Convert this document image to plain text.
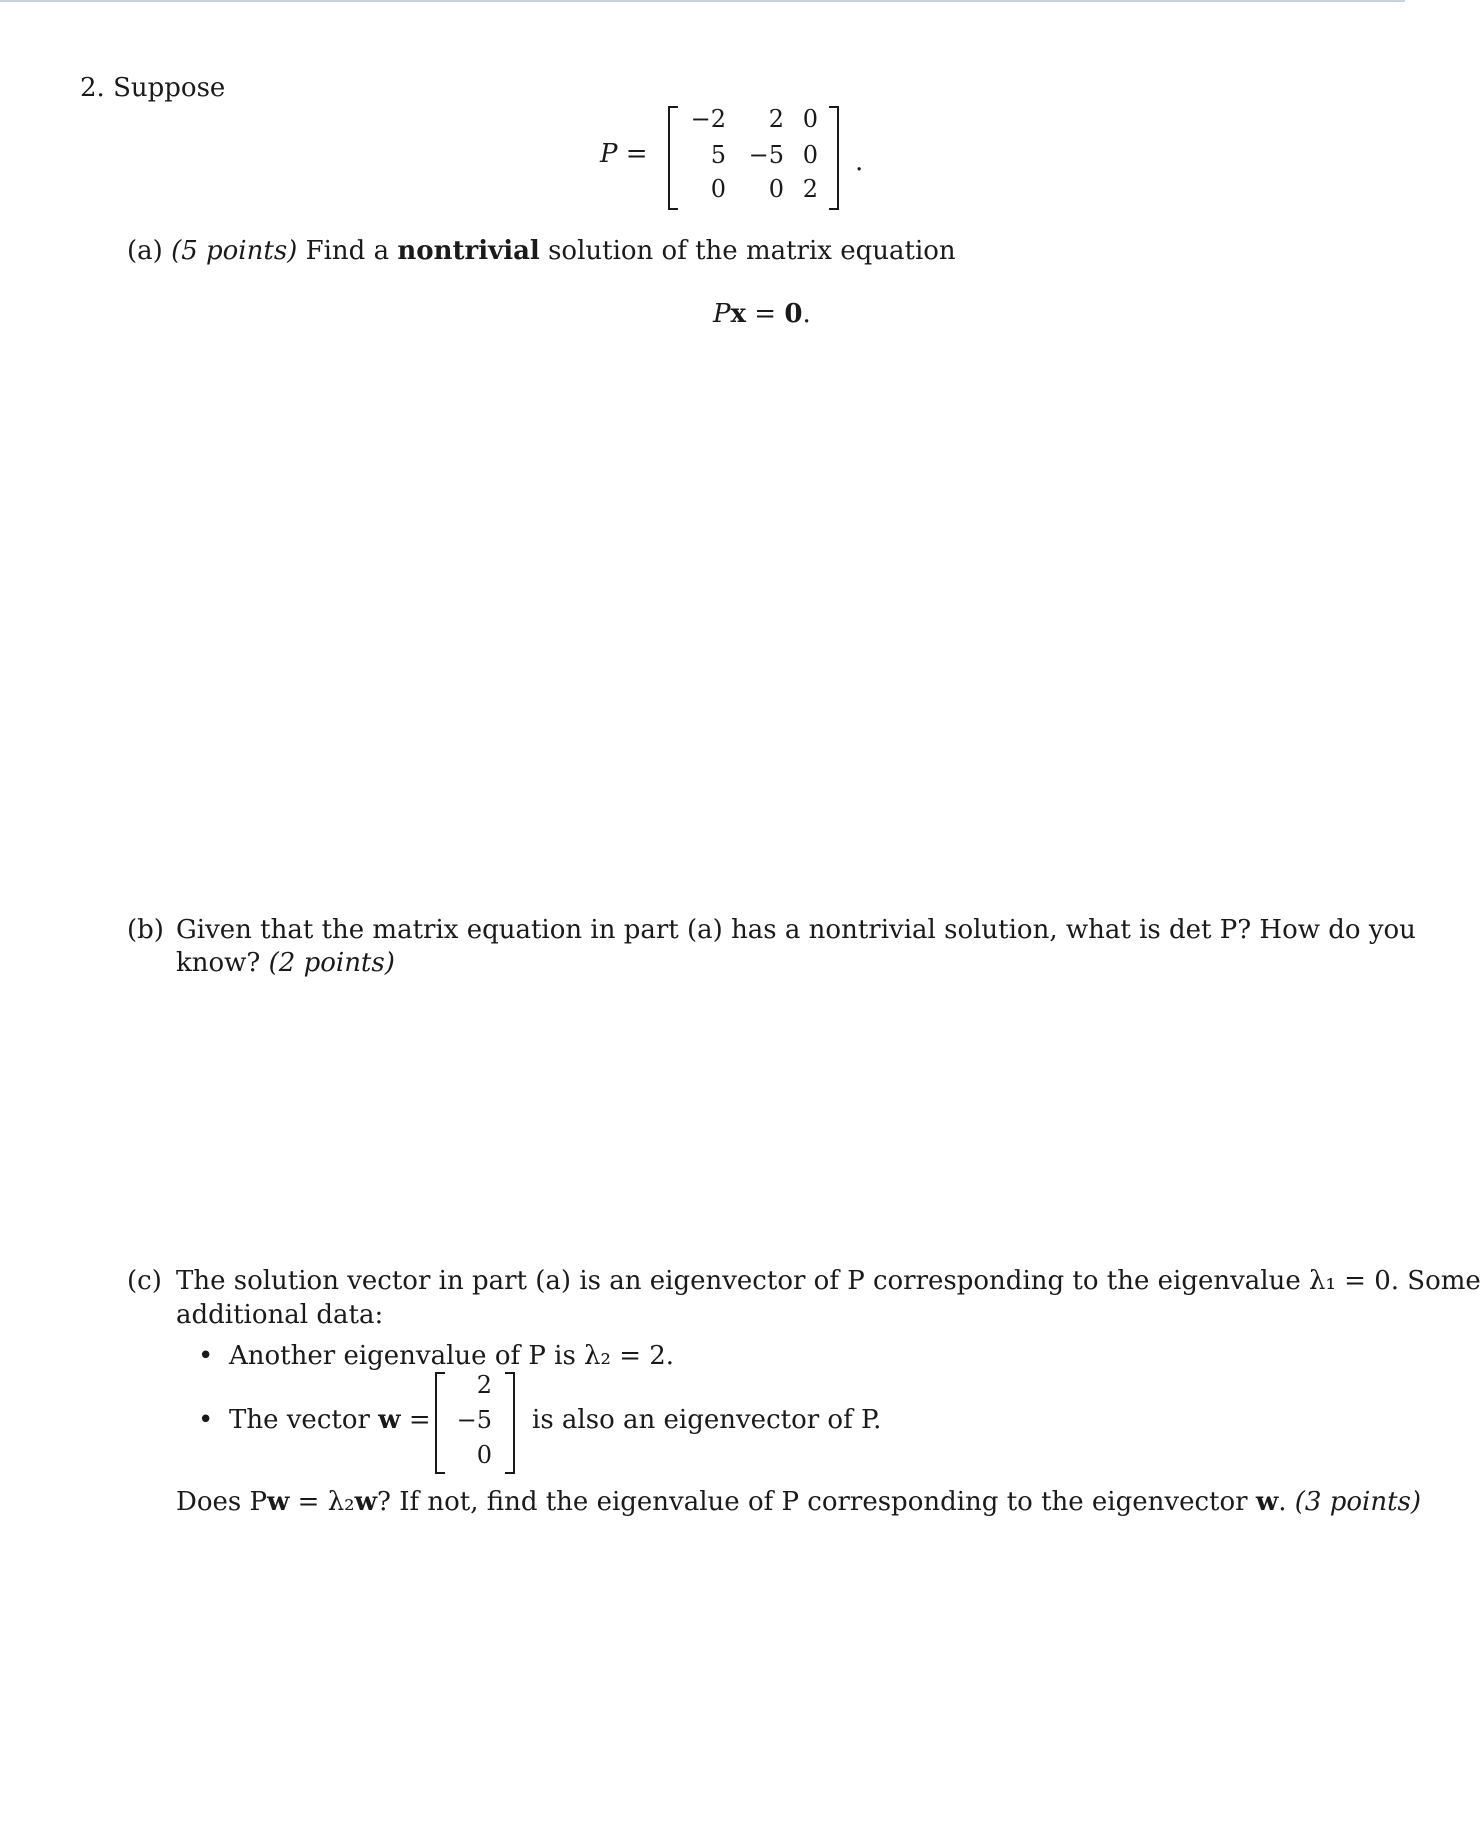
2. Suppose
P =
−2	2 0
5 −5 0
0	0 2
.
(a) (5 points) Find a nontrivial solution of the matrix equation
Px = 0.
(b) Given that the matrix equation in part (a) has a nontrivial solution, what is det P? How do you
know? (2 points)
(c) The solution vector in part (a) is an eigenvector of P corresponding to the eigenvalue λ₁ = 0. Some
additional data:
• Another eigenvalue of P is λ₂ = 2.
• The vector w =
2
−5
0
is also an eigenvector of P.
Does Pw = λ₂w? If not, find the eigenvalue of P corresponding to the eigenvector w. (3 points)
